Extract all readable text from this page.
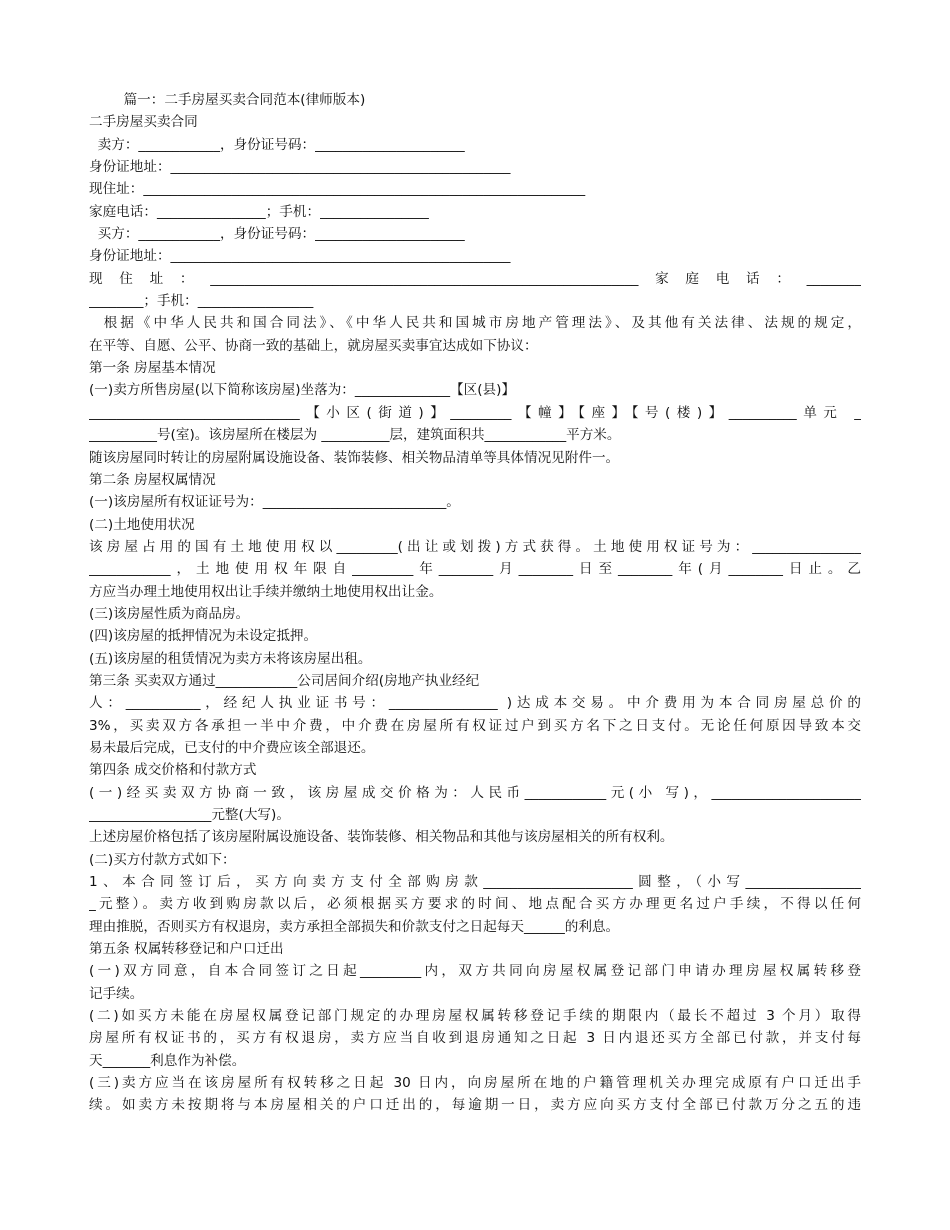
篇一：二手房屋买卖合同范本(律师版本)
二手房屋买卖合同
卖方：____________，身份证号码：______________________
身份证地址：__________________________________________________
现住址：_________________________________________________________________
家庭电话：________________；手机：________________
买方：____________，身份证号码：______________________
身份证地址：__________________________________________________
现住址：_______________________________________________________________家庭电话：________
________；手机：_________________
根据《中华人民共和国合同法》、《中华人民共和国城市房地产管理法》、及其他有关法律、法规的规定，
在平等、自愿、公平、协商一致的基础上，就房屋买卖事宜达成如下协议：
第一条 房屋基本情况
(一)卖方所售房屋(以下简称该房屋)坐落为：______________【区(县)】
_______________________________【小区(街道)】_________【幢】【座】【号(楼)】__________单元 _
__________号(室)。该房屋所在楼层为 __________层，建筑面积共____________平方米。
随该房屋同时转让的房屋附属设施设备、装饰装修、相关物品清单等具体情况见附件一。
第二条 房屋权属情况
(一)该房屋所有权证证号为：___________________________。
(二)土地使用状况
该房屋占用的国有土地使用权以_________(出让或划拨)方式获得。土地使用权证号为：________________
____________，土地使用权年限自_________年________月________日至________年(月________日止。乙
方应当办理土地使用权出让手续并缴纳土地使用权出让金。
(三)该房屋性质为商品房。
(四)该房屋的抵押情况为未设定抵押。
(五)该房屋的租赁情况为卖方未将该房屋出租。
第三条 买卖双方通过____________公司居间介绍(房地产执业经纪
人：___________，经纪人执业证书号：________________ )达成本交易。中介费用为本合同房屋总价的
3%，买卖双方各承担一半中介费，中介费在房屋所有权证过户到买方名下之日支付。无论任何原因导致本交
易未最后完成，已支付的中介费应该全部退还。
第四条 成交价格和付款方式
(一)经买卖双方协商一致，该房屋成交价格为：人民币____________元(小 写)，______________________
__________________元整(大写)。
上述房屋价格包括了该房屋附属设施设备、装饰装修、相关物品和其他与该房屋相关的所有权利。
(二)买方付款方式如下：
1、本合同签订后，买方向卖方支付全部购房款______________________圆整，（小写_________________
_元整）。卖方收到购房款以后，必须根据买方要求的时间、地点配合买方办理更名过户手续，不得以任何
理由推脱，否则买方有权退房，卖方承担全部损失和价款支付之日起每天______的利息。
第五条 权属转移登记和户口迁出
(一)双方同意，自本合同签订之日起_________内，双方共同向房屋权属登记部门申请办理房屋权属转移登
记手续。
(二)如买方未能在房屋权属登记部门规定的办理房屋权属转移登记手续的期限内（最长不超过 3 个月）取得
房屋所有权证书的，买方有权退房，卖方应当自收到退房通知之日起 3 日内退还买方全部已付款，并支付每
天_______利息作为补偿。
(三)卖方应当在该房屋所有权转移之日起 30 日内，向房屋所在地的户籍管理机关办理完成原有户口迁出手
续。如卖方未按期将与本房屋相关的户口迁出的，每逾期一日，卖方应向买方支付全部已付款万分之五的违
